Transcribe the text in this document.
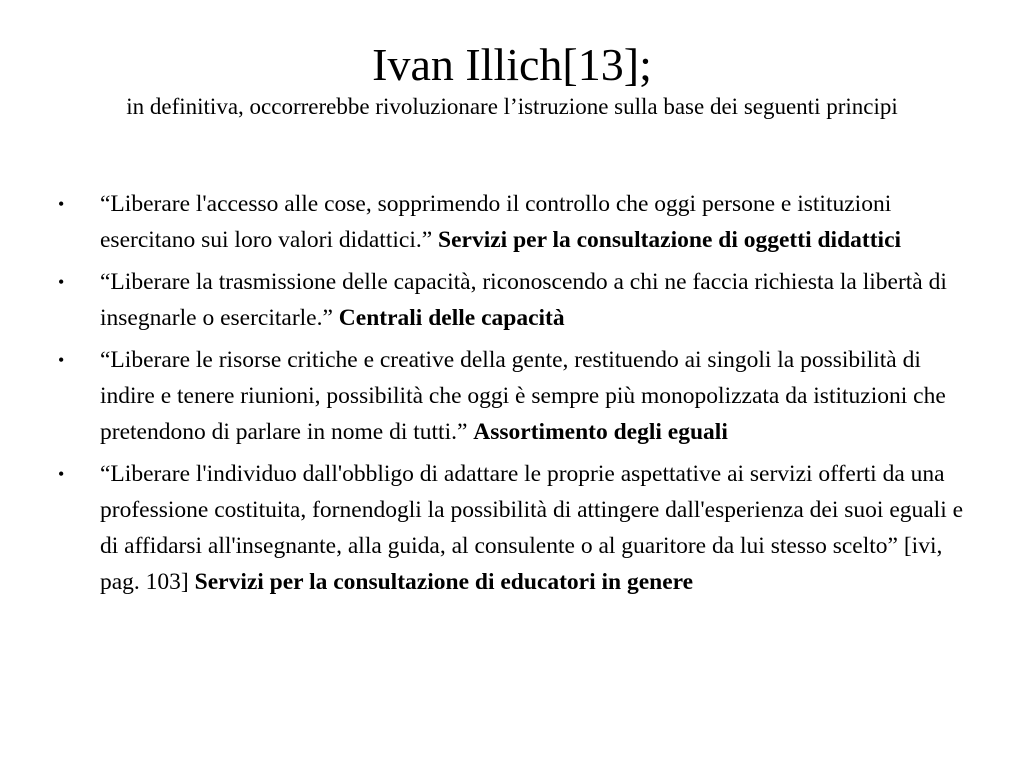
Ivan Illich[13];

in definitiva, occorrerebbe rivoluzionare l’istruzione sulla base dei seguenti principi

•	“Liberare l'accesso alle cose, sopprimendo il controllo che oggi persone e istituzioni esercitano sui loro valori didattici.” Servizi per la consultazione di oggetti didattici
•	“Liberare la trasmissione delle capacità, riconoscendo a chi ne faccia richiesta la libertà di insegnarle o esercitarle.” Centrali delle capacità
•	“Liberare le risorse critiche e creative della gente, restituendo ai singoli la possibilità di indire e tenere riunioni, possibilità che oggi è sempre più monopolizzata da istituzioni che pretendono di parlare in nome di tutti.” Assortimento degli eguali
•	“Liberare l'individuo dall'obbligo di adattare le proprie aspettative ai servizi offerti da una professione costituita, fornendogli la possibilità di attingere dall'esperienza dei suoi eguali e di affidarsi all'insegnante, alla guida, al consulente o al guaritore da lui stesso scelto” [ivi, pag. 103] Servizi per la consultazione di educatori in genere
